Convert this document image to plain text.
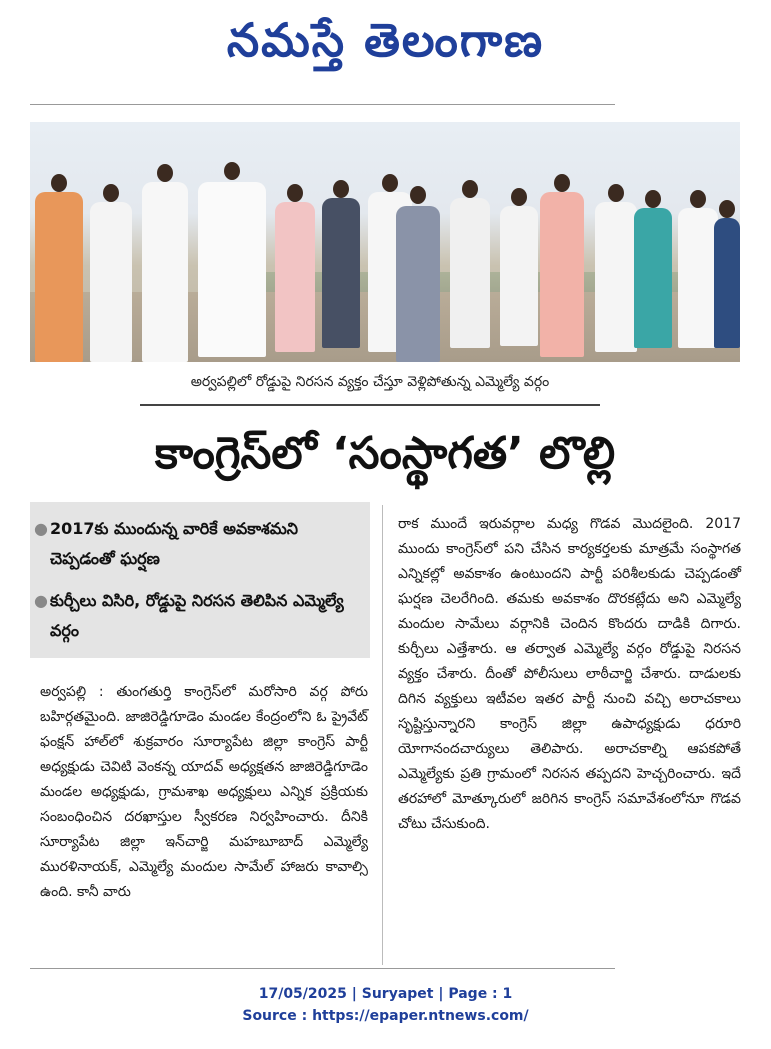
నమస్తే తెలంగాణ
అర్వపల్లిలో రోడ్డుపై నిరసన వ్యక్తం చేస్తూ వెళ్లిపోతున్న ఎమ్మెల్యే వర్గం
కాంగ్రెస్‌లో ‘సంస్థాగత’ లొల్లి
● 2017కు ముందున్న వారికే అవకాశమని చెప్పడంతో ఘర్షణ
● కుర్చీలు విసిరి, రోడ్డుపై నిరసన తెలిపిన ఎమ్మెల్యే వర్గం
అర్వపల్లి : తుంగతుర్తి కాంగ్రెస్‌లో మరోసారి వర్గ పోరు బహిర్గతమైంది. జాజిరెడ్డిగూడెం మండల కేంద్రంలోని ఓ ప్రైవేట్ ఫంక్షన్ హాల్‌లో శుక్రవారం సూర్యాపేట జిల్లా కాంగ్రెస్ పార్టీ అధ్యక్షుడు చెవిటి వెంకన్న యాదవ్ అధ్యక్షతన జాజిరెడ్డిగూడెం మండల అధ్యక్షుడు, గ్రామశాఖ అధ్యక్షులు ఎన్నిక ప్రక్రియకు సంబంధించిన దరఖాస్తుల స్వీకరణ నిర్వహించారు. దీనికి సూర్యాపేట జిల్లా ఇన్‌చార్జి మహబూబాద్ ఎమ్మెల్యే మురళినాయక్, ఎమ్మెల్యే మందుల సామేల్ హాజరు కావాల్సి ఉంది. కానీ వారు
రాక ముందే ఇరువర్గాల మధ్య గొడవ మొదలైంది. 2017 ముందు కాంగ్రెస్‌లో పని చేసిన కార్యకర్తలకు మాత్రమే సంస్థాగత ఎన్నికల్లో అవకాశం ఉంటుందని పార్టీ పరిశీలకుడు చెప్పడంతో ఘర్షణ చెలరేగింది. తమకు అవకాశం దొరకట్లేదు అని ఎమ్మెల్యే మందుల సామేలు వర్గానికి చెందిన కొందరు దాడికి దిగారు. కుర్చీలు ఎత్తేశారు. ఆ తర్వాత ఎమ్మెల్యే వర్గం రోడ్డుపై నిరసన వ్యక్తం చేశారు. దీంతో పోలీసులు లాఠీచార్జి చేశారు. దాడులకు దిగిన వ్యక్తులు ఇటీవల ఇతర పార్టీ నుంచి వచ్చి అరాచకాలు సృష్టిస్తున్నారని కాంగ్రెస్ జిల్లా ఉపాధ్యక్షుడు ధరూరి యోగానందచార్యులు తెలిపారు. అరాచకాల్ని ఆపకపోతే ఎమ్మెల్యేకు ప్రతి గ్రామంలో నిరసన తప్పదని హెచ్చరించారు. ఇదే తరహాలో మోత్కూరులో జరిగిన కాంగ్రెస్ సమావేశంలోనూ గొడవ చోటు చేసుకుంది.
17/05/2025 | Suryapet | Page : 1
Source : https://epaper.ntnews.com/
